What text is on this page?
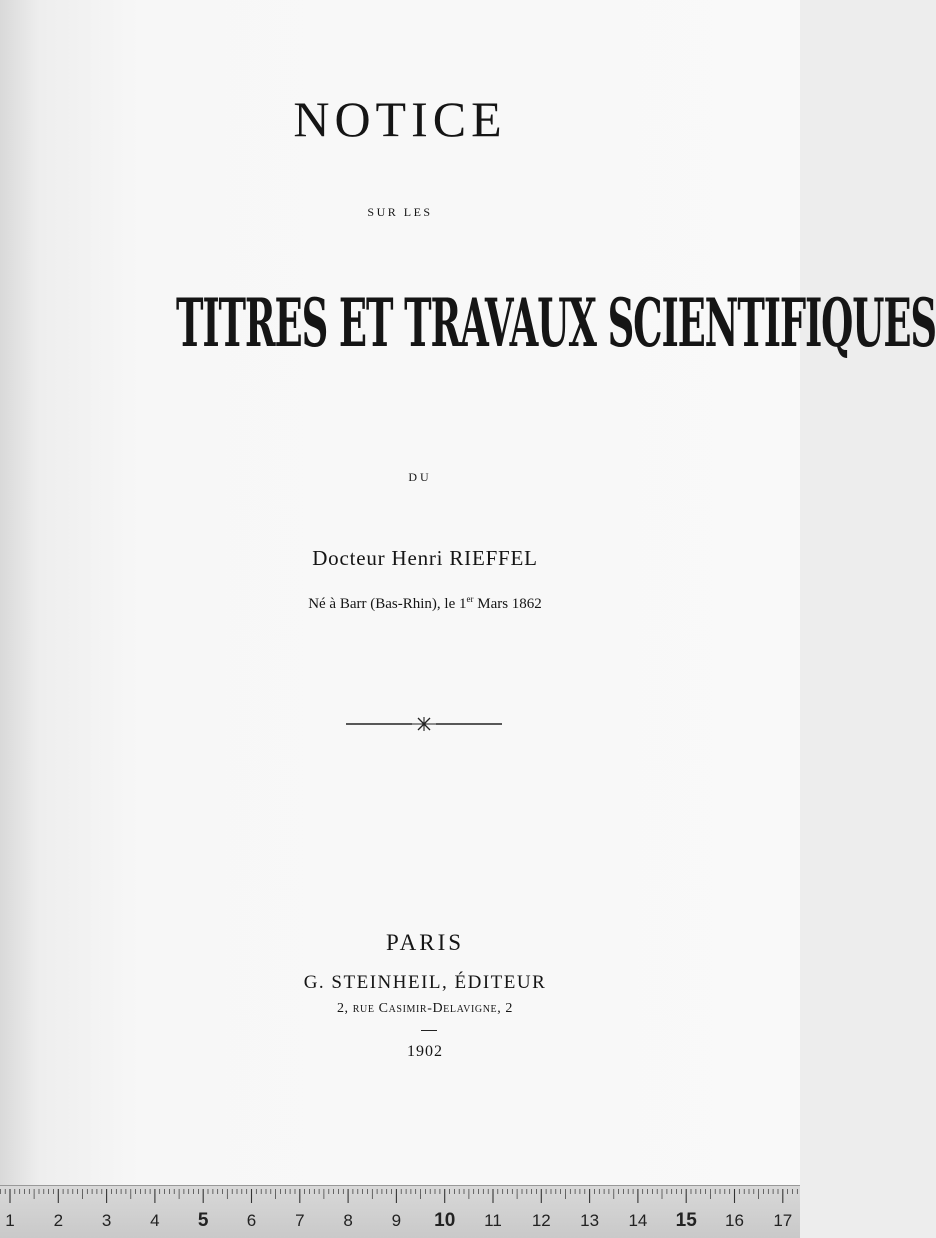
NOTICE
SUR LES
TITRES ET TRAVAUX SCIENTIFIQUES
DU
Docteur Henri RIEFFEL
Né à Barr (Bas-Rhin), le 1er Mars 1862
PARIS
G. STEINHEIL, ÉDITEUR
2, rue Casimir-Delavigne, 2
1902
1 2 3 4 5 6 7 8 9 10 11 12 13 14 15 16 17
